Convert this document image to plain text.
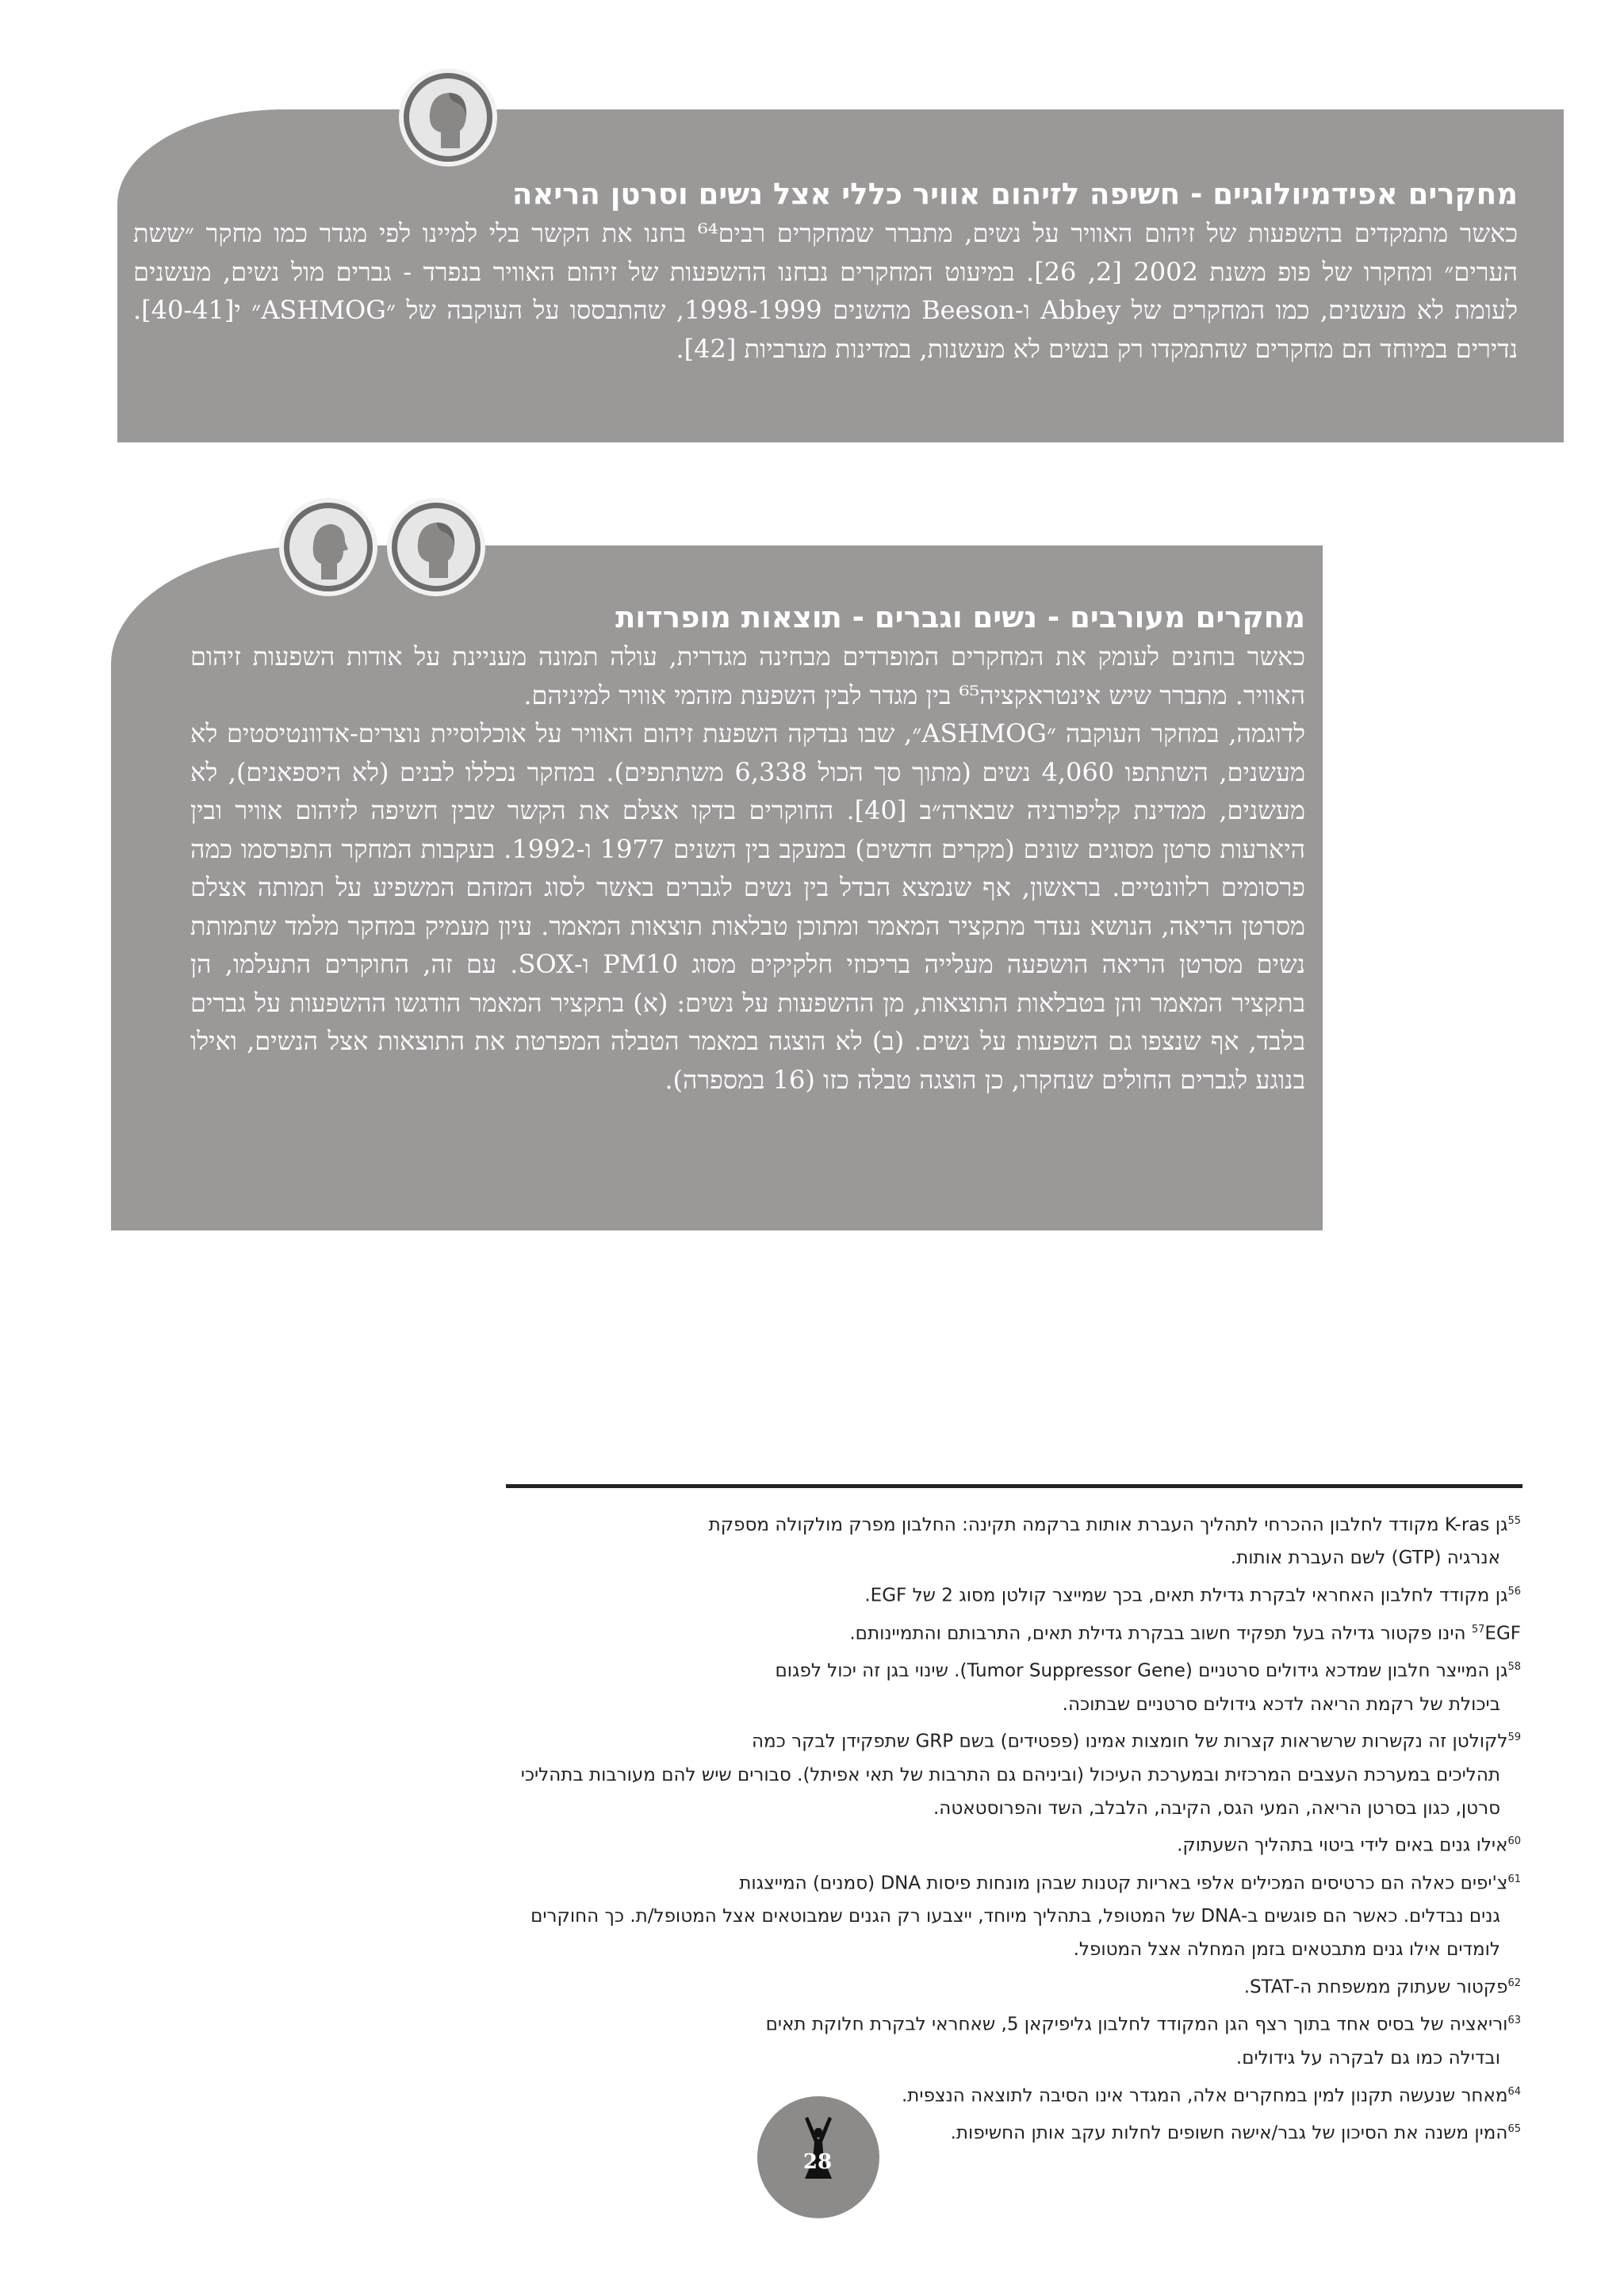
מחקרים אפידמיולוגיים - חשיפה לזיהום אוויר כללי אצל נשים וסרטן הריאה

כאשר מתמקדים בהשפעות של זיהום האוויר על נשים, מתברר שמחקרים רבים⁶⁴ בחנו את הקשר בלי למיינו לפי מגדר כמו מחקר ״ששת הערים״ ומחקרו של פופ משנת 2002 [2, 26]. במיעוט המחקרים נבחנו ההשפעות של זיהום האוויר בנפרד - גברים מול נשים, מעשנים לעומת לא מעשנים, כמו המחקרים של Abbey ו-Beeson מהשנים 1998-1999, שהתבססו על העוקבה של ״ASHMOG״ י[40-41]. נדירים במיוחד הם מחקרים שהתמקדו רק בנשים לא מעשנות, במדינות מערביות [42].

מחקרים מעורבים - נשים וגברים - תוצאות מופרדות

כאשר בוחנים לעומק את המחקרים המופרדים מבחינה מגדרית, עולה תמונה מעניינת על אודות השפעות זיהום האוויר. מתברר שיש אינטראקציה⁶⁵ בין מגדר לבין השפעת מזהמי אוויר למיניהם.

לדוגמה, במחקר העוקבה ״ASHMOG״, שבו נבדקה השפעת זיהום האוויר על אוכלוסיית נוצרים-אדוונטיסטים לא מעשנים, השתתפו 4,060 נשים (מתוך סך הכול 6,338 משתתפים). במחקר נכללו לבנים (לא היספאנים), לא מעשנים, ממדינת קליפורניה שבארה״ב [40]. החוקרים בדקו אצלם את הקשר שבין חשיפה לזיהום אוויר ובין היארעות סרטן מסוגים שונים (מקרים חדשים) במעקב בין השנים 1977 ו-1992. בעקבות המחקר התפרסמו כמה פרסומים רלוונטיים. בראשון, אף שנמצא הבדל בין נשים לגברים באשר לסוג המזהם המשפיע על תמותה אצלם מסרטן הריאה, הנושא נעדר מתקציר המאמר ומתוכן טבלאות תוצאות המאמר. עיון מעמיק במחקר מלמד שתמותת נשים מסרטן הריאה הושפעה מעלייה בריכוזי חלקיקים מסוג PM10 ו-SOX. עם זה, החוקרים התעלמו, הן בתקציר המאמר והן בטבלאות התוצאות, מן ההשפעות על נשים: (א) בתקציר המאמר הודגשו ההשפעות על גברים בלבד, אף שנצפו גם השפעות על נשים. (ב) לא הוצגה במאמר הטבלה המפרטת את התוצאות אצל הנשים, ואילו בנוגע לגברים החולים שנחקרו, כן הוצגה טבלה כזו (16 במספרה).

$^{55}$גן K-ras מקודד לחלבון ההכרחי לתהליך העברת אותות ברקמה תקינה: החלבון מפרק מולקולה מספקת
אנרגיה (GTP) לשם העברת אותות.

$^{56}$גן מקודד לחלבון האחראי לבקרת גדילת תאים, בכך שמייצר קולטן מסוג 2 של EGF.

$^{57}$EGF הינו פקטור גדילה בעל תפקיד חשוב בבקרת גדילת תאים, התרבותם והתמיינותם.

$^{58}$גן המייצר חלבון שמדכא גידולים סרטניים (Tumor Suppressor Gene). שינוי בגן זה יכול לפגום
ביכולת של רקמת הריאה לדכא גידולים סרטניים שבתוכה.

$^{59}$לקולטן זה נקשרות שרשראות קצרות של חומצות אמינו (פפטידים) בשם GRP שתפקידן לבקר כמה
תהליכים במערכת העצבים המרכזית ובמערכת העיכול (וביניהם גם התרבות של תאי אפיתל). סבורים שיש להם מעורבות בתהליכי סרטן, כגון בסרטן הריאה, המעי הגס, הקיבה, הלבלב, השד והפרוסטאטה.

$^{60}$אילו גנים באים לידי ביטוי בתהליך השעתוק.

$^{61}$צ'יפים כאלה הם כרטיסים המכילים אלפי באריות קטנות שבהן מונחות פיסות DNA (סמנים) המייצגות
גנים נבדלים. כאשר הם פוגשים ב-DNA של המטופל, בתהליך מיוחד, ייצבעו רק הגנים שמבוטאים אצל המטופל/ת. כך החוקרים לומדים אילו גנים מתבטאים בזמן המחלה אצל המטופל.

$^{62}$פקטור שעתוק ממשפחת ה-STAT.

$^{63}$וריאציה של בסיס אחד בתוך רצף הגן המקודד לחלבון גליפיקאן 5, שאחראי לבקרת חלוקת תאים
ובדילה כמו גם לבקרה על גידולים.

$^{64}$מאחר שנעשה תקנון למין במחקרים אלה, המגדר אינו הסיבה לתוצאה הנצפית.

$^{65}$המין משנה את הסיכון של גבר/אישה חשופים לחלות עקב אותן החשיפות.

28
